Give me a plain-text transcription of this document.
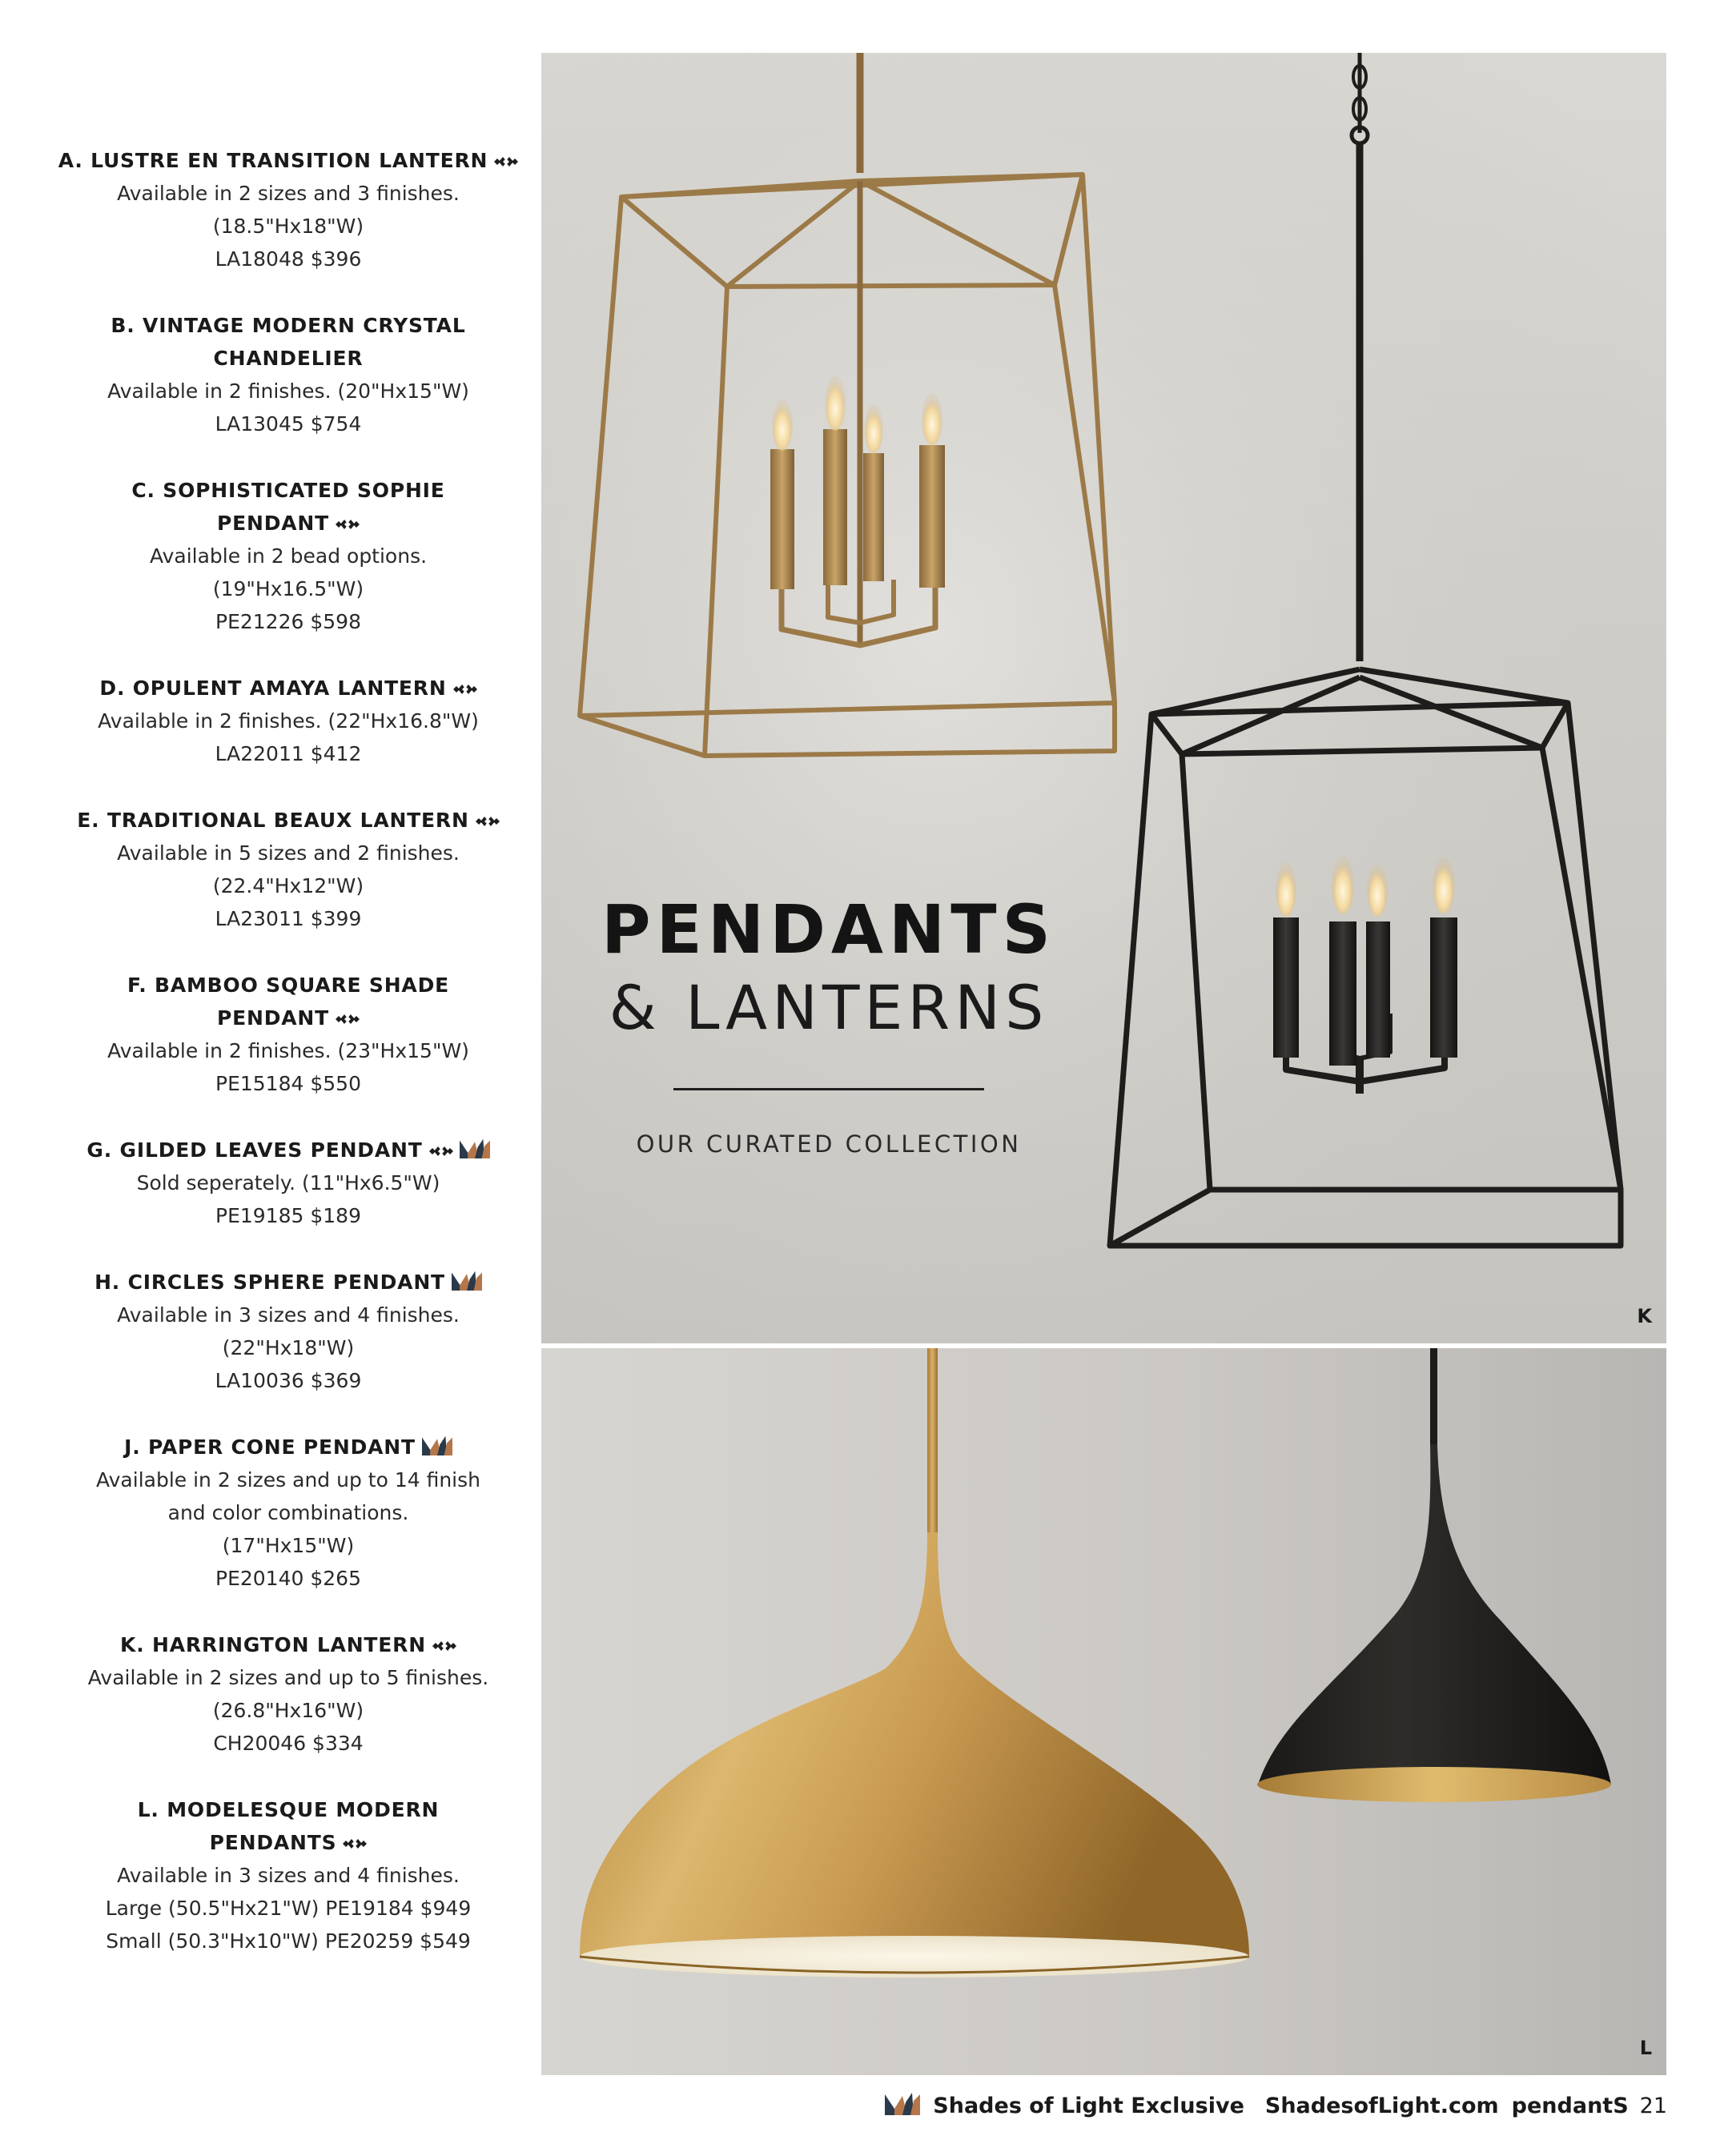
A. LUSTRE EN TRANSITION LANTERN
Available in 2 sizes and 3 finishes.
(18.5"Hx18"W)
LA18048 $396
B. VINTAGE MODERN CRYSTAL
CHANDELIER
Available in 2 finishes. (20"Hx15"W)
LA13045 $754
C. SOPHISTICATED SOPHIE
PENDANT
Available in 2 bead options.
(19"Hx16.5"W)
PE21226 $598
D. OPULENT AMAYA LANTERN
Available in 2 finishes. (22"Hx16.8"W)
LA22011 $412
E. TRADITIONAL BEAUX LANTERN
Available in 5 sizes and 2 finishes.
(22.4"Hx12"W)
LA23011 $399
F. BAMBOO SQUARE SHADE
PENDANT
Available in 2 finishes. (23"Hx15"W)
PE15184 $550
G. GILDED LEAVES PENDANT
Sold seperately. (11"Hx6.5"W)
PE19185 $189
H. CIRCLES SPHERE PENDANT
Available in 3 sizes and 4 finishes.
(22"Hx18"W)
LA10036 $369
J. PAPER CONE PENDANT
Available in 2 sizes and up to 14 finish
and color combinations.
(17"Hx15"W)
PE20140 $265
K. HARRINGTON LANTERN
Available in 2 sizes and up to 5 finishes.
(26.8"Hx16"W)
CH20046 $334
L. MODELESQUE MODERN
PENDANTS
Available in 3 sizes and 4 finishes.
Large (50.5"Hx21"W) PE19184 $949
Small (50.3"Hx10"W) PE20259 $549
PENDANTS
& LANTERNS
OUR CURATED COLLECTION
K
L
Shades of Light Exclusive ShadesofLight.com pendantS 21
